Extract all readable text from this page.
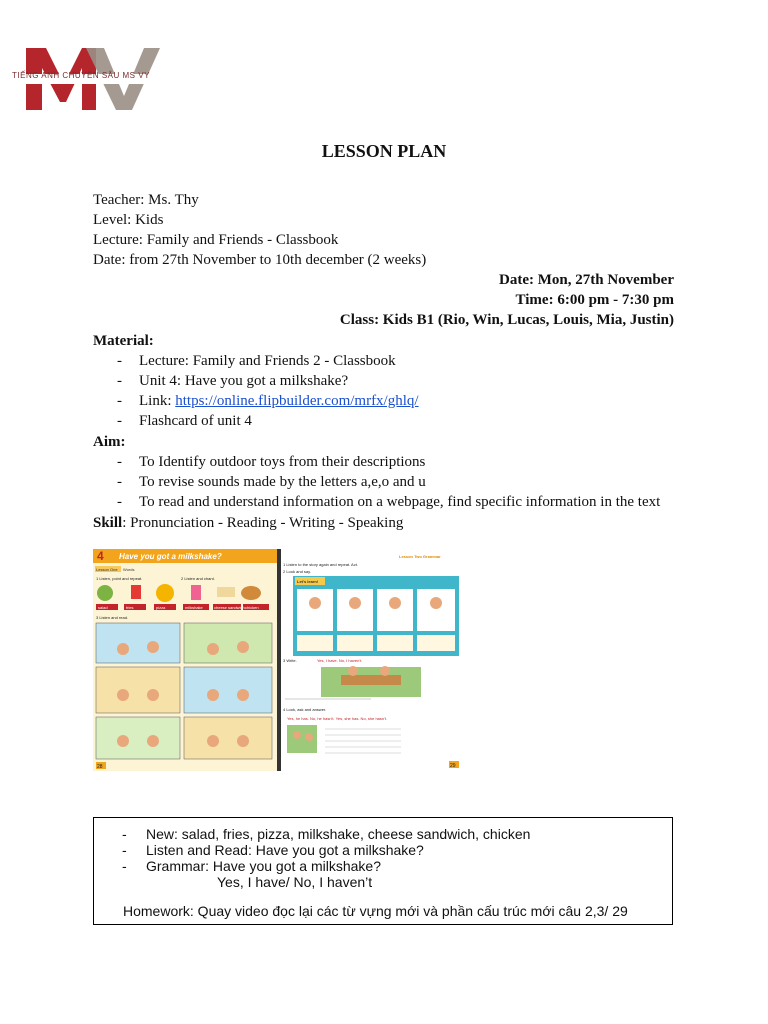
TIẾNG ANH CHUYÊN SÂU MS VY
LESSON PLAN
Teacher: Ms. Thy
Level: Kids
Lecture: Family and Friends - Classbook
Date: from 27th November to 10th december (2 weeks)
Date: Mon, 27th November
Time: 6:00 pm - 7:30 pm
Class: Kids B1 (Rio, Win, Lucas, Louis, Mia, Justin)
Material:
- Lecture: Family and Friends 2 - Classbook
- Unit 4: Have you got a milkshake?
- Link: https://online.flipbuilder.com/mrfx/ghlq/
- Flashcard of unit 4
Aim:
- To Identify outdoor toys from their descriptions
- To revise sounds made by the letters a,e,o and u
- To read and understand information on a webpage, find specific information in the text
Skill: Pronunciation - Reading - Writing - Speaking
4 Have you got a milkshake?
Lesson One Words
1 Listen, point and repeat.	2 Listen and chant.
salad	fries	pizza	milkshake	cheese sandwich chicken
3 Listen and read.
28
Lesson Two Grammar
1 Listen to the story again and repeat. Act.
2 Look and say.
Let's learn!
3 Write.	Yes, I have. No, I haven't.
4 Look, ask and answer.
Yes, he has. No, he hasn't. Yes, she has. No, she hasn't.
29
- New: salad, fries, pizza, milkshake, cheese sandwich, chicken
- Listen and Read: Have you got a milkshake?
- Grammar: Have you got a milkshake?
Yes, I have/ No, I haven’t
Homework: Quay video đọc lại các từ vựng mới và phần cấu trúc mới câu 2,3/ 29
